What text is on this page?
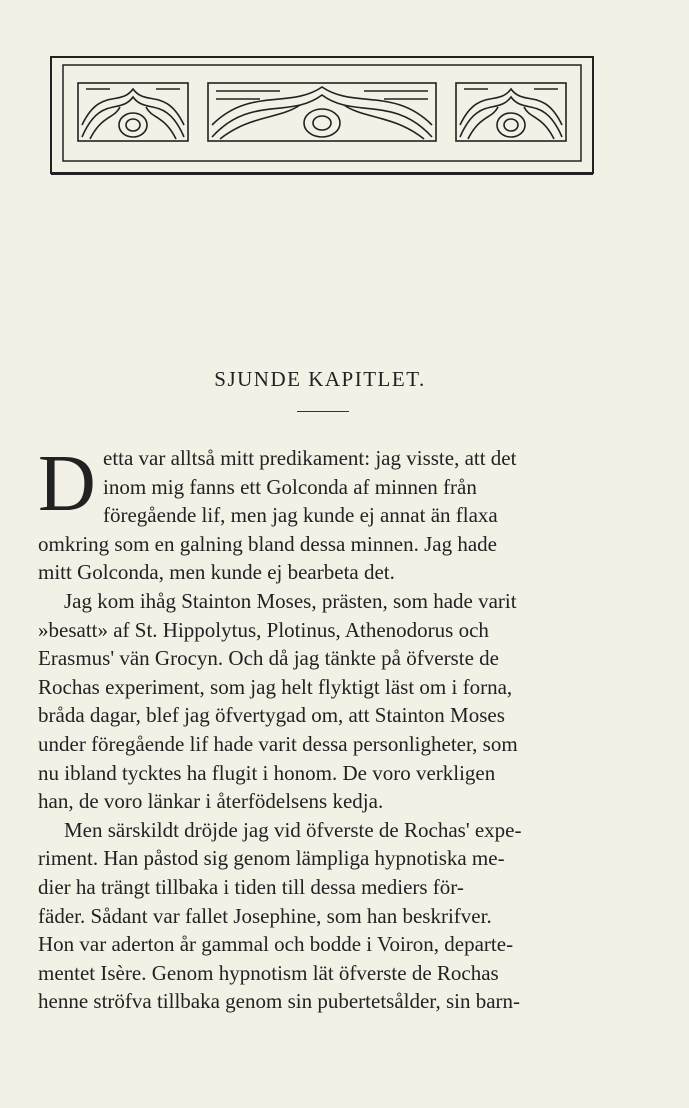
SJUNDE KAPITLET.
D etta var alltså mitt predikament: jag visste, att det
inom mig fanns ett Golconda af minnen från
föregående lif, men jag kunde ej annat än flaxa
omkring som en galning bland dessa minnen. Jag hade
mitt Golconda, men kunde ej bearbeta det.
Jag kom ihåg Stainton Moses, prästen, som hade varit
»besatt» af St. Hippolytus, Plotinus, Athenodorus och
Erasmus' vän Grocyn. Och då jag tänkte på öfverste de
Rochas experiment, som jag helt flyktigt läst om i forna,
bråda dagar, blef jag öfvertygad om, att Stainton Moses
under föregående lif hade varit dessa personligheter, som
nu ibland tycktes ha flugit i honom. De voro verkligen
han, de voro länkar i återfödelsens kedja.
Men särskildt dröjde jag vid öfverste de Rochas' expe-
riment. Han påstod sig genom lämpliga hypnotiska me-
dier ha trängt tillbaka i tiden till dessa mediers för-
fäder. Sådant var fallet Josephine, som han beskrifver.
Hon var aderton år gammal och bodde i Voiron, departe-
mentet Isère. Genom hypnotism lät öfverste de Rochas
henne ströfva tillbaka genom sin pubertetsålder, sin barn-
